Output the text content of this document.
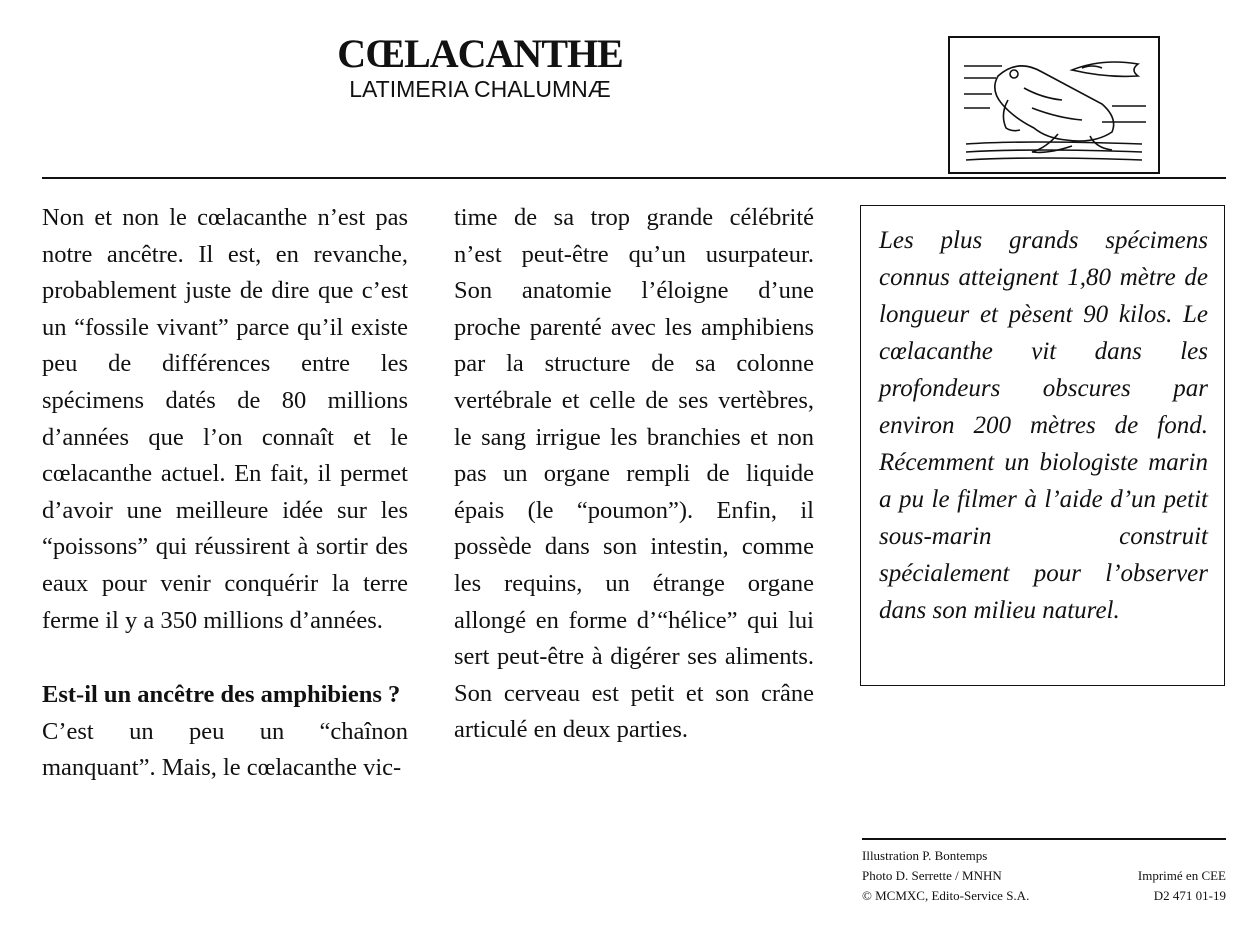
CŒLACANTHE
LATIMERIA CHALUMNÆ

Non et non le cœlacanthe n’est pas notre ancêtre. Il est, en revanche, probablement juste de dire que c’est un “fossile vivant” parce qu’il existe peu de différences entre les spécimens datés de 80 millions d’années que l’on connaît et le cœlacanthe actuel. En fait, il permet d’avoir une meilleure idée sur les “poissons” qui réussirent à sortir des eaux pour venir conquérir la terre ferme il y a 350 millions d’années.

Est-il un ancêtre des amphibiens ?

C’est un peu un “chaînon manquant”. Mais, le cœlacanthe vic-

time de sa trop grande célébrité n’est peut-être qu’un usurpateur. Son anatomie l’éloigne d’une proche parenté avec les amphibiens par la structure de sa colonne vertébrale et celle de ses vertèbres, le sang irrigue les branchies et non pas un organe rempli de liquide épais (le “poumon”). Enfin, il possède dans son intestin, comme les requins, un étrange organe allongé en forme d’“hélice” qui lui sert peut-être à digérer ses aliments. Son cerveau est petit et son crâne articulé en deux parties.

Les plus grands spécimens connus atteignent 1,80 mètre de longueur et pèsent 90 kilos. Le cœlacanthe vit dans les profondeurs obscures par environ 200 mètres de fond. Récemment un biologiste marin a pu le filmer à l’aide d’un petit sous-marin construit spécialement pour l’observer dans son milieu naturel.
Illustration P. Bontemps
Photo D. Serrette / MNHN
© MCMXC, Edito-Service S.A.
Imprimé en CEE
D2 471 01-19
